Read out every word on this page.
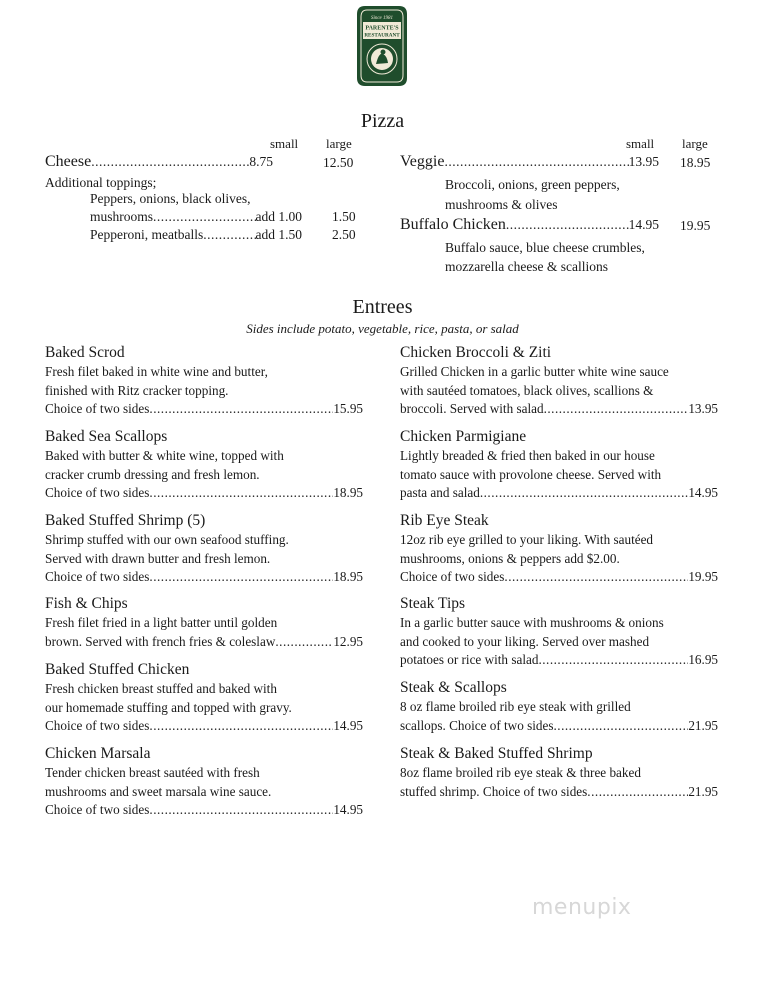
Since 1981
PARENTE'S
RESTAURANT
Pizza
small large	small large
Cheese .....	8.75	12.50
Additional toppings;
Peppers, onions, black olives,
mushrooms .....	add 1.00 1.50
Pepperoni, meatballs .....	add 1.50 2.50
Veggie .....	13.95 18.95
Broccoli, onions, green peppers,
mushrooms & olives
Buffalo Chicken .....	14.95 19.95
Buffalo sauce, blue cheese crumbles,
mozzarella cheese & scallions
Entrees
Sides include potato, vegetable, rice, pasta, or salad
Baked Scrod
Fresh filet baked in white wine and butter,
finished with Ritz cracker topping.
Choice of two sides .....	15.95
Baked Sea Scallops
Baked with butter & white wine, topped with
cracker crumb dressing and fresh lemon.
Choice of two sides .....	18.95
Baked Stuffed Shrimp (5)
Shrimp stuffed with our own seafood stuffing.
Served with drawn butter and fresh lemon.
Choice of two sides .....	18.95
Fish & Chips
Fresh filet fried in a light batter until golden
brown. Served with french fries & coleslaw .....	12.95
Baked Stuffed Chicken
Fresh chicken breast stuffed and baked with
our homemade stuffing and topped with gravy.
Choice of two sides .....	14.95
Chicken Marsala
Tender chicken breast sautéed with fresh
mushrooms and sweet marsala wine sauce.
Choice of two sides .....	14.95
Chicken Broccoli & Ziti
Grilled Chicken in a garlic butter white wine sauce
with sautéed tomatoes, black olives, scallions &
broccoli. Served with salad .....	13.95
Chicken Parmigiane
Lightly breaded & fried then baked in our house
tomato sauce with provolone cheese. Served with
pasta and salad .....	14.95
Rib Eye Steak
12oz rib eye grilled to your liking. With sautéed
mushrooms, onions & peppers add $2.00.
Choice of two sides .....	19.95
Steak Tips
In a garlic butter sauce with mushrooms & onions
and cooked to your liking. Served over mashed
potatoes or rice with salad .....	16.95
Steak & Scallops
8 oz flame broiled rib eye steak with grilled
scallops. Choice of two sides .....	21.95
Steak & Baked Stuffed Shrimp
8oz flame broiled rib eye steak & three baked
stuffed shrimp. Choice of two sides .....	21.95
menupix
